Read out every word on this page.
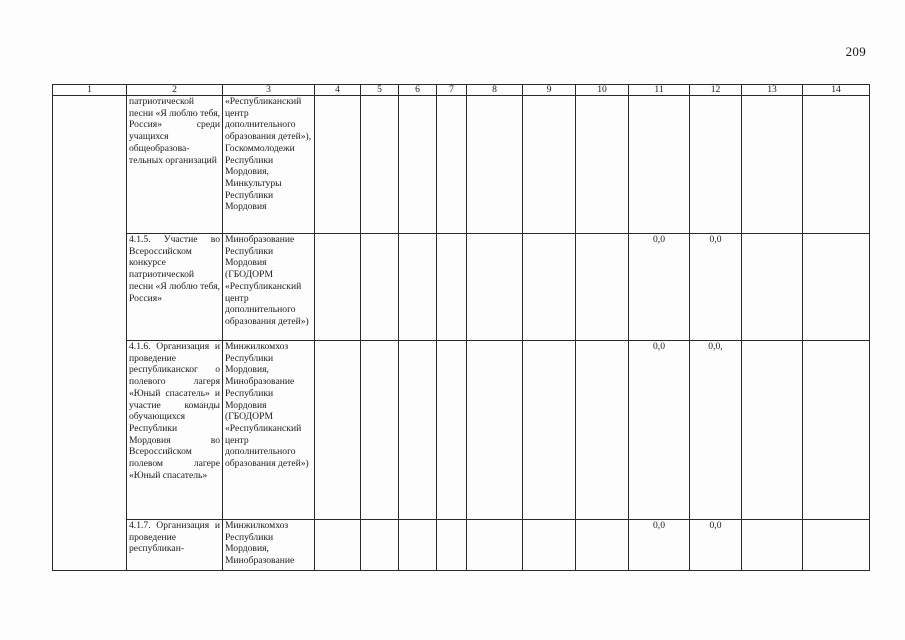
209
1	2	3	4	5	6	7	8	9	10	11	12	13	14
	патриотической песни «Я люблю тебя, Россия» среди учащихся общеобразова-тельных организаций	«Республиканский центр дополнительного образования детей»), Госкоммолодежи Республики Мордовия, Минкультуры Республики Мордовия											
	4.1.5. Участие во Всероссийском конкурсе патриотической песни «Я люблю тебя, Россия»	Минобразование Республики Мордовия (ГБОДОРМ «Республиканский центр дополнительного образования детей»)								0,0	0,0		
	4.1.6. Организация и проведение республиканског о полевого лагеря «Юный спасатель» и участие команды обучающихся Республики Мордовия во Всероссийском полевом лагере «Юный спасатель»	Минжилкомхоз Республики Мордовия, Минобразование Республики Мордовия (ГБОДОРМ «Республиканский центр дополнительного образования детей»)								0,0	0,0,		
	4.1.7. Организация и проведение республикан-	Минжилкомхоз Республики Мордовия, Минобразование								0,0	0,0		
